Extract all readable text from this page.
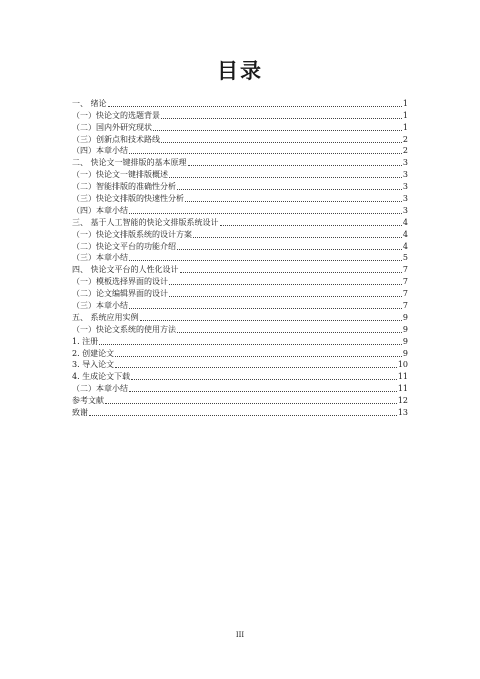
目录
一、 绪论	1
（一）快论文的选题背景	1
（二）国内外研究现状	1
（三）创新点和技术路线	2
（四）本章小结	2
二、 快论文一键排版的基本原理	3
（一）快论文一键排版概述	3
（二）智能排版的准确性分析	3
（三）快论文排版的快速性分析	3
（四）本章小结	3
三、 基于人工智能的快论文排版系统设计	4
（一）快论文排版系统的设计方案	4
（二）快论文平台的功能介绍	4
（三）本章小结	5
四、 快论文平台的人性化设计	7
（一）模板选择界面的设计	7
（二）论文编辑界面的设计	7
（三）本章小结	7
五、 系统应用实例	9
（一）快论文系统的使用方法	9
1. 注册	9
2. 创建论文	9
3. 导入论文	10
4. 生成论文下载	11
（二）本章小结	11
参考文献	12
致谢	13
III
